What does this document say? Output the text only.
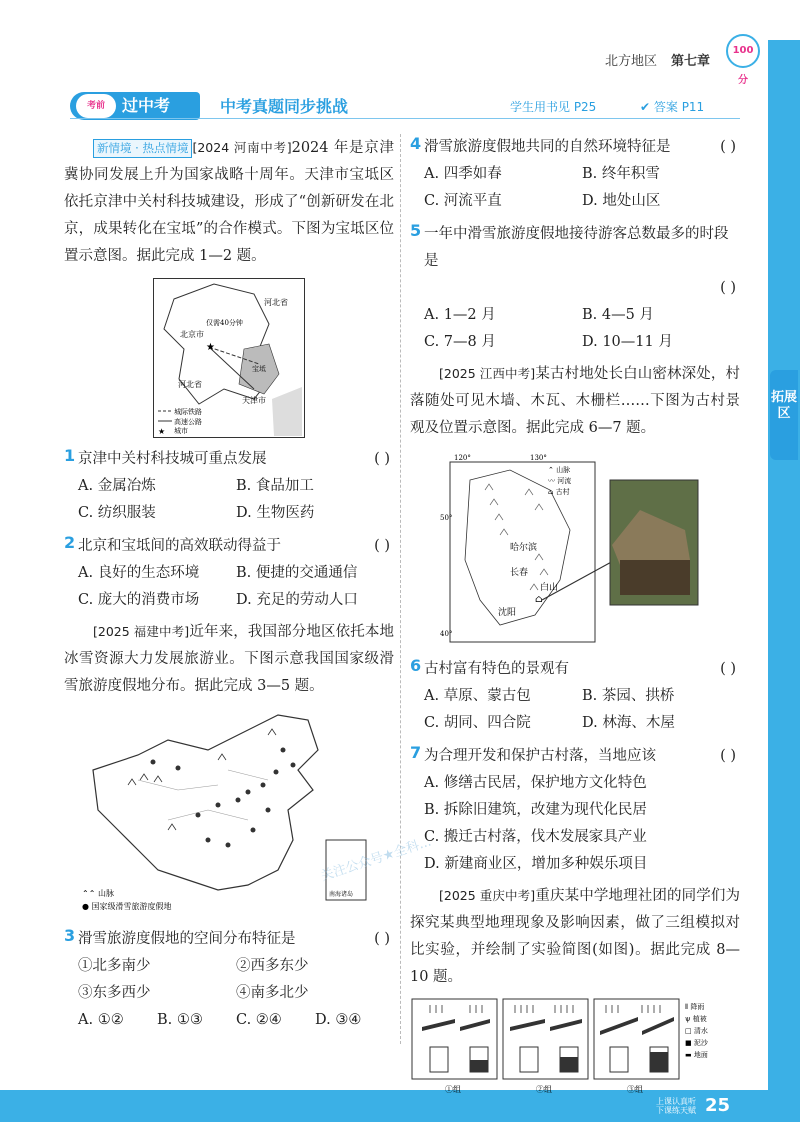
北方地区 第七章
100分
考前	过中考	中考真题同步挑战	学生用书见 P25	✔ 答案 P11

新情境 · 热点情境 [2024 河南中考]2024 年是京津冀协同发展上升为国家战略十周年。天津市宝坻区依托京津中关村科技城建设，形成了“创新研发在北京，成果转化在宝坻”的合作模式。下图为宝坻区位置示意图。据此完成 1—2 题。

★
河北省
北京市
仅需40分钟
宝坻
河北省
天津市
城际铁路
高速公路
★ 城市
1 京津中关村科技城可重点发展	( )
A. 金属冶炼	B. 食品加工
C. 纺织服装	D. 生物医药
2 北京和宝坻间的高效联动得益于	( )
A. 良好的生态环境	B. 便捷的交通通信
C. 庞大的消费市场	D. 充足的劳动人口

[2025 福建中考]近年来，我国部分地区依托本地冰雪资源大力发展旅游业。下图示意我国国家级滑雪旅游度假地分布。据此完成 3—5 题。

南海诸岛
⌃⌃ 山脉
● 国家级滑雪旅游度假地
3 滑雪旅游度假地的空间分布特征是	( )
①北多南少	②西多东少
③东多西少	④南多北少
A. ①②	B. ①③	C. ②④	D. ③④
4 滑雪旅游度假地共同的自然环境特征是	( )
A. 四季如春	B. 终年积雪
C. 河流平直	D. 地处山区
5 一年中滑雪旅游度假地接待游客总数最多的时段是
( )
A. 1—2 月	B. 4—5 月
C. 7—8 月	D. 10—11 月

[2025 江西中考]某古村地处长白山密林深处，村落随处可见木墙、木瓦、木栅栏……下图为古村景观及位置示意图。据此完成 6—7 题。

120°	130°
50°
40°
哈尔滨
长春
白山
沈阳
⌂
⌃ 山脉
〰 河流
⌂ 古村
6 古村富有特色的景观有	( )
A. 草原、蒙古包	B. 茶园、拱桥
C. 胡同、四合院	D. 林海、木屋
7 为合理开发和保护古村落，当地应该	( )
A. 修缮古民居，保护地方文化特色
B. 拆除旧建筑，改建为现代化民居
C. 搬迁古村落，伐木发展家具产业
D. 新建商业区，增加多种娱乐项目

[2025 重庆中考]重庆某中学地理社团的同学们为探究某典型地理现象及影响因素，做了三组模拟对比实验，并绘制了实验简图(如图)。据此完成 8—10 题。

①组	②组	③组
⦀ 降雨
ψ 植被
□ 清水
■ 泥沙
▬ 地面
关注公众号★全科...
拓展区
上课认真听
下课练天赋 25
